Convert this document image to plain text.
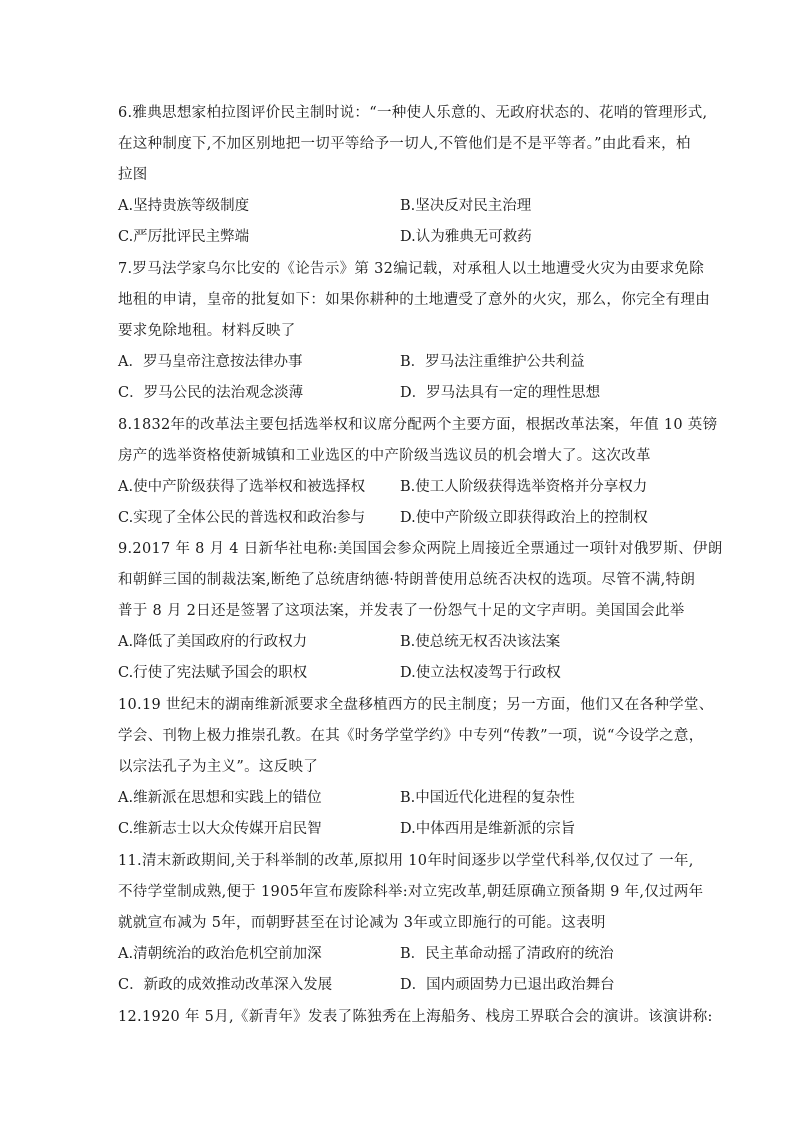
6.雅典思想家柏拉图评价民主制时说：“一种使人乐意的、无政府状态的、花哨的管理形式,
在这种制度下,不加区别地把一切平等给予一切人,不管他们是不是平等者。”由此看来，柏
拉图
A.坚持贵族等级制度	B.坚决反对民主治理
C.严厉批评民主弊端	D.认为雅典无可救药
7.罗马法学家乌尔比安的《论告示》第 32编记载，对承租人以土地遭受火灾为由要求免除
地租的申请，皇帝的批复如下：如果你耕种的土地遭受了意外的火灾，那么，你完全有理由
要求免除地租。材料反映了
A．罗马皇帝注意按法律办事	B．罗马法注重维护公共利益
C．罗马公民的法治观念淡薄	D．罗马法具有一定的理性思想
8.1832年的改革法主要包括选举权和议席分配两个主要方面，根据改革法案，年值 10 英镑
房产的选举资格使新城镇和工业选区的中产阶级当选议员的机会增大了。这次改革
A.使中产阶级获得了选举权和被选择权	B.使工人阶级获得选举资格并分享权力
C.实现了全体公民的普选权和政治参与	D.使中产阶级立即获得政治上的控制权
9.2017 年 8 月 4 日新华社电称:美国国会参众两院上周接近全票通过一项针对俄罗斯、伊朗
和朝鲜三国的制裁法案,断绝了总统唐纳德·特朗普使用总统否决权的选项。尽管不满,特朗
普于 8 月 2日还是签署了这项法案，并发表了一份怨气十足的文字声明。美国国会此举
A.降低了美国政府的行政权力	B.使总统无权否决该法案
C.行使了宪法赋予国会的职权	D.使立法权凌驾于行政权
10.19 世纪末的湖南维新派要求全盘移植西方的民主制度；另一方面，他们又在各种学堂、
学会、刊物上极力推崇孔教。在其《时务学堂学约》中专列“传教”一项，说“今设学之意，
以宗法孔子为主义”。这反映了
A.维新派在思想和实践上的错位	B.中国近代化进程的复杂性
C.维新志士以大众传媒开启民智	D.中体西用是维新派的宗旨
11.清末新政期间,关于科举制的改革,原拟用 10年时间逐步以学堂代科举,仅仅过了 一年,
不待学堂制成熟,便于 1905年宣布废除科举:对立宪改革,朝廷原确立预备期 9 年,仅过两年
就就宣布减为 5年，而朝野甚至在讨论减为 3年或立即施行的可能。这表明
A.清朝统治的政治危机空前加深	B．民主革命动摇了清政府的统治
C．新政的成效推动改革深入发展	D．国内顽固势力已退出政治舞台
12.1920 年 5月,《新青年》发表了陈独秀在上海船务、栈房工界联合会的演讲。该演讲称:
